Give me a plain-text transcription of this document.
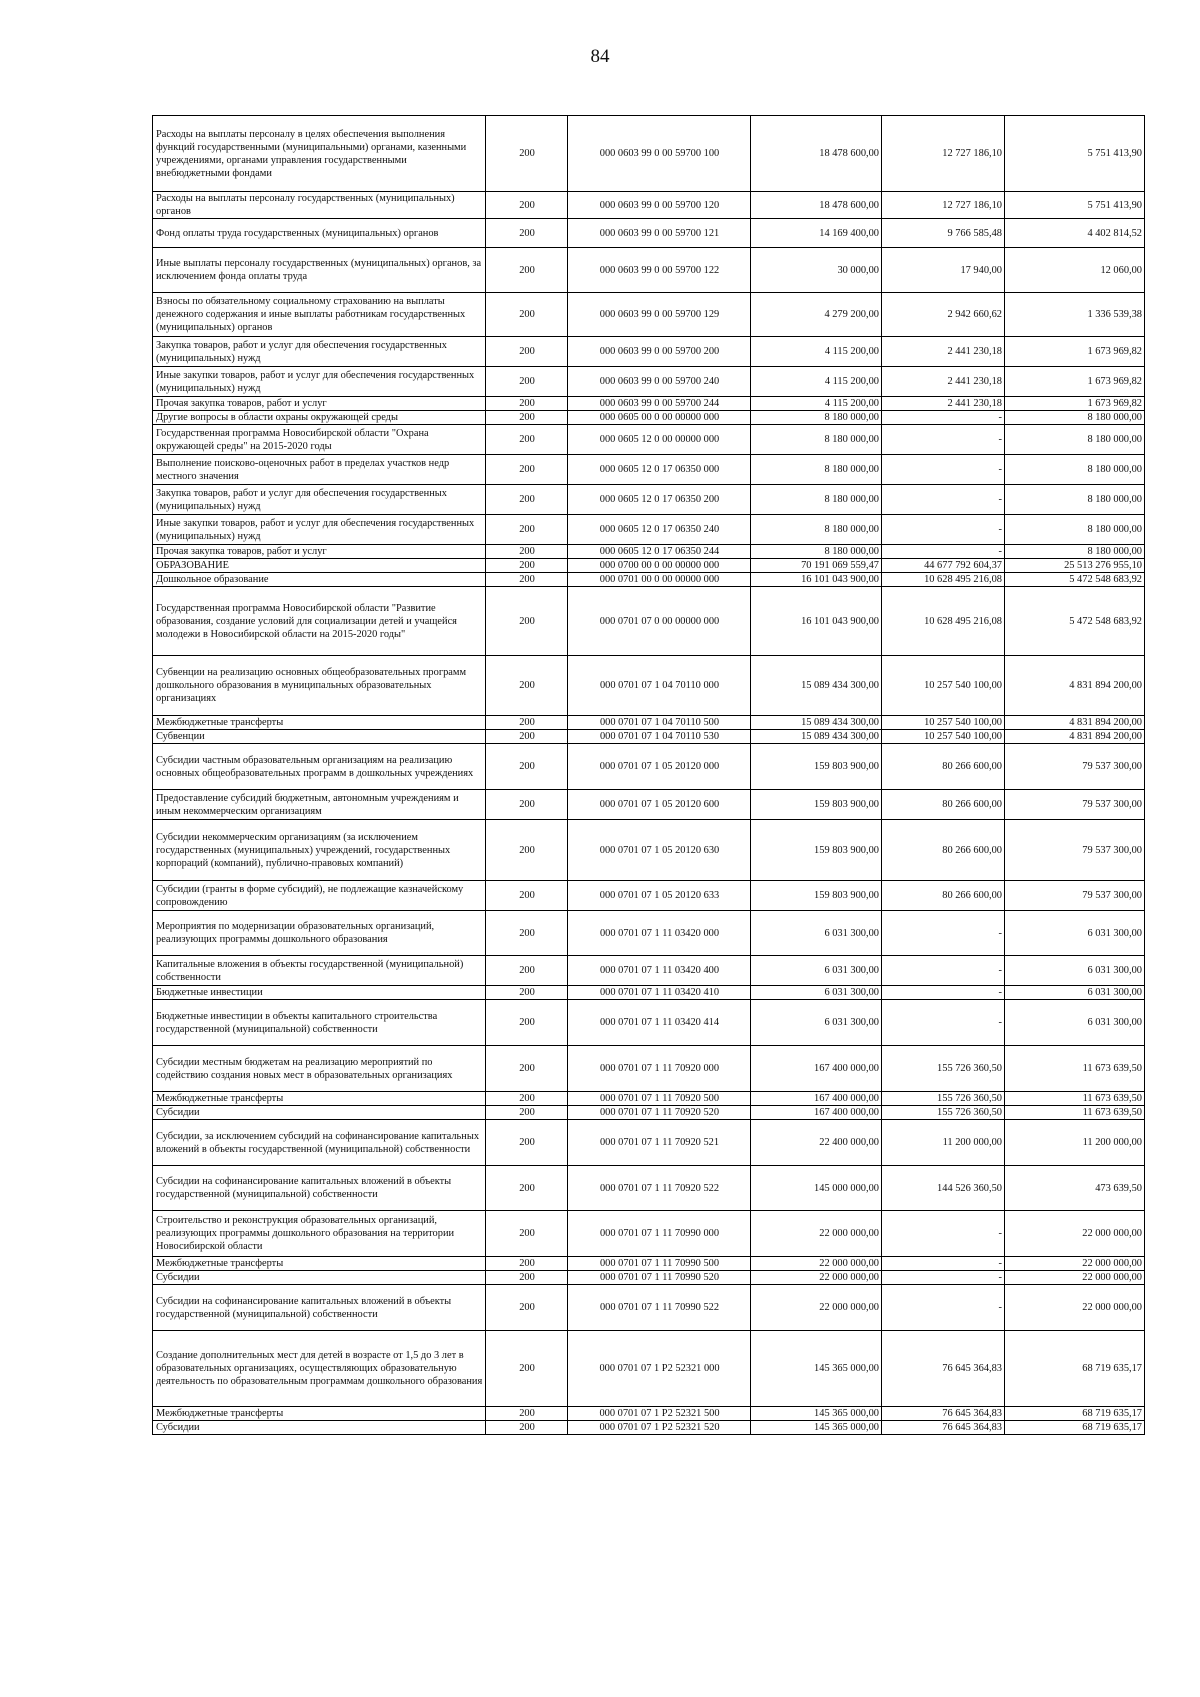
84
Расходы на выплаты персоналу в целях обеспечения выполнения функций государственными (муниципальными) органами, казенными учреждениями, органами управления государственными внебюджетными фондами	200	000 0603 99 0 00 59700 100	18 478 600,00	12 727 186,10	5 751 413,90
Расходы на выплаты персоналу государственных (муниципальных) органов	200	000 0603 99 0 00 59700 120	18 478 600,00	12 727 186,10	5 751 413,90
Фонд оплаты труда государственных (муниципальных) органов	200	000 0603 99 0 00 59700 121	14 169 400,00	9 766 585,48	4 402 814,52
Иные выплаты персоналу государственных (муниципальных) органов, за исключением фонда оплаты труда	200	000 0603 99 0 00 59700 122	30 000,00	17 940,00	12 060,00
Взносы по обязательному социальному страхованию на выплаты денежного содержания и иные выплаты работникам государственных (муниципальных) органов	200	000 0603 99 0 00 59700 129	4 279 200,00	2 942 660,62	1 336 539,38
Закупка товаров, работ и услуг для обеспечения государственных (муниципальных) нужд	200	000 0603 99 0 00 59700 200	4 115 200,00	2 441 230,18	1 673 969,82
Иные закупки товаров, работ и услуг для обеспечения государственных (муниципальных) нужд	200	000 0603 99 0 00 59700 240	4 115 200,00	2 441 230,18	1 673 969,82
Прочая закупка товаров, работ и услуг	200	000 0603 99 0 00 59700 244	4 115 200,00	2 441 230,18	1 673 969,82
Другие вопросы в области охраны окружающей среды	200	000 0605 00 0 00 00000 000	8 180 000,00	-	8 180 000,00
Государственная программа Новосибирской области "Охрана окружающей среды" на 2015-2020 годы	200	000 0605 12 0 00 00000 000	8 180 000,00	-	8 180 000,00
Выполнение поисково-оценочных работ в пределах участков недр местного значения	200	000 0605 12 0 17 06350 000	8 180 000,00	-	8 180 000,00
Закупка товаров, работ и услуг для обеспечения государственных (муниципальных) нужд	200	000 0605 12 0 17 06350 200	8 180 000,00	-	8 180 000,00
Иные закупки товаров, работ и услуг для обеспечения государственных (муниципальных) нужд	200	000 0605 12 0 17 06350 240	8 180 000,00	-	8 180 000,00
Прочая закупка товаров, работ и услуг	200	000 0605 12 0 17 06350 244	8 180 000,00	-	8 180 000,00
ОБРАЗОВАНИЕ	200	000 0700 00 0 00 00000 000	70 191 069 559,47	44 677 792 604,37	25 513 276 955,10
Дошкольное образование	200	000 0701 00 0 00 00000 000	16 101 043 900,00	10 628 495 216,08	5 472 548 683,92
Государственная программа Новосибирской области "Развитие образования, создание условий для социализации детей и учащейся молодежи в Новосибирской области на 2015-2020 годы"	200	000 0701 07 0 00 00000 000	16 101 043 900,00	10 628 495 216,08	5 472 548 683,92
Субвенции на реализацию основных общеобразовательных программ дошкольного образования в муниципальных образовательных организациях	200	000 0701 07 1 04 70110 000	15 089 434 300,00	10 257 540 100,00	4 831 894 200,00
Межбюджетные трансферты	200	000 0701 07 1 04 70110 500	15 089 434 300,00	10 257 540 100,00	4 831 894 200,00
Субвенции	200	000 0701 07 1 04 70110 530	15 089 434 300,00	10 257 540 100,00	4 831 894 200,00
Субсидии частным образовательным организациям на реализацию основных общеобразовательных программ в дошкольных учреждениях	200	000 0701 07 1 05 20120 000	159 803 900,00	80 266 600,00	79 537 300,00
Предоставление субсидий бюджетным, автономным учреждениям и иным некоммерческим организациям	200	000 0701 07 1 05 20120 600	159 803 900,00	80 266 600,00	79 537 300,00
Субсидии некоммерческим организациям (за исключением государственных (муниципальных) учреждений, государственных корпораций (компаний), публично-правовых компаний)	200	000 0701 07 1 05 20120 630	159 803 900,00	80 266 600,00	79 537 300,00
Субсидии (гранты в форме субсидий), не подлежащие казначейскому сопровождению	200	000 0701 07 1 05 20120 633	159 803 900,00	80 266 600,00	79 537 300,00
Мероприятия по модернизации образовательных организаций, реализующих программы дошкольного образования	200	000 0701 07 1 11 03420 000	6 031 300,00	-	6 031 300,00
Капитальные вложения в объекты государственной (муниципальной) собственности	200	000 0701 07 1 11 03420 400	6 031 300,00	-	6 031 300,00
Бюджетные инвестиции	200	000 0701 07 1 11 03420 410	6 031 300,00	-	6 031 300,00
Бюджетные инвестиции в объекты капитального строительства государственной (муниципальной) собственности	200	000 0701 07 1 11 03420 414	6 031 300,00	-	6 031 300,00
Субсидии местным бюджетам на реализацию мероприятий по содействию создания новых мест в образовательных организациях	200	000 0701 07 1 11 70920 000	167 400 000,00	155 726 360,50	11 673 639,50
Межбюджетные трансферты	200	000 0701 07 1 11 70920 500	167 400 000,00	155 726 360,50	11 673 639,50
Субсидии	200	000 0701 07 1 11 70920 520	167 400 000,00	155 726 360,50	11 673 639,50
Субсидии, за исключением субсидий на софинансирование капитальных вложений в объекты государственной (муниципальной) собственности	200	000 0701 07 1 11 70920 521	22 400 000,00	11 200 000,00	11 200 000,00
Субсидии на софинансирование капитальных вложений в объекты государственной (муниципальной) собственности	200	000 0701 07 1 11 70920 522	145 000 000,00	144 526 360,50	473 639,50
Строительство и реконструкция образовательных организаций, реализующих программы дошкольного образования на территории Новосибирской области	200	000 0701 07 1 11 70990 000	22 000 000,00	-	22 000 000,00
Межбюджетные трансферты	200	000 0701 07 1 11 70990 500	22 000 000,00	-	22 000 000,00
Субсидии	200	000 0701 07 1 11 70990 520	22 000 000,00	-	22 000 000,00
Субсидии на софинансирование капитальных вложений в объекты государственной (муниципальной) собственности	200	000 0701 07 1 11 70990 522	22 000 000,00	-	22 000 000,00
Создание дополнительных мест для детей в возрасте от 1,5 до 3 лет в образовательных организациях, осуществляющих образовательную деятельность по образовательным программам дошкольного образования	200	000 0701 07 1 P2 52321 000	145 365 000,00	76 645 364,83	68 719 635,17
Межбюджетные трансферты	200	000 0701 07 1 P2 52321 500	145 365 000,00	76 645 364,83	68 719 635,17
Субсидии	200	000 0701 07 1 P2 52321 520	145 365 000,00	76 645 364,83	68 719 635,17
